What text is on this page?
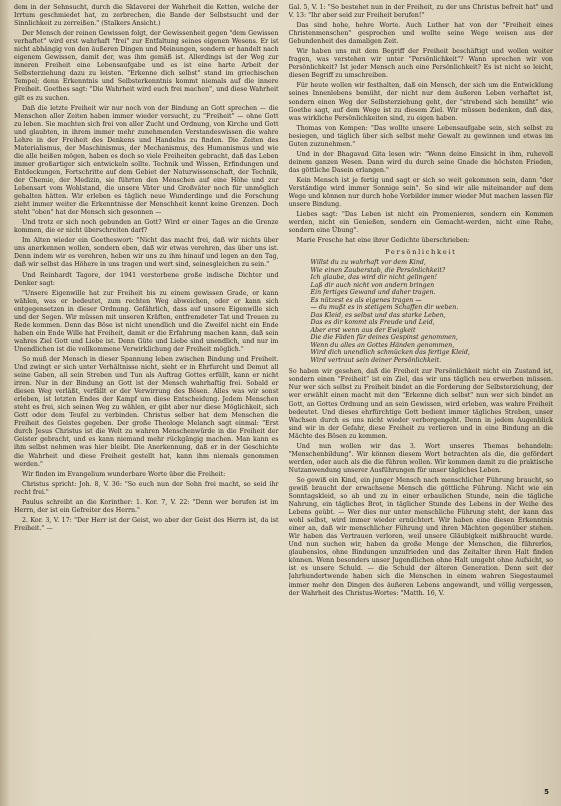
dem in der Sehnsucht, durch die Sklaverei der Wahrheit die Ketten, welche der Irrtum geschmiedet hat, zu zerbrechen, die Bande der Selbstsucht und der Sinnlichkeit zu zerreißen." (Stalkers Ansicht.)

Der Mensch der reinen Gewissen folgt, der Gewissenheit gegen "dem Gewissen verhaftet" wird erst wahrhaft "frei" zur Entfaltung seines eigenen Wesens. Er ist nicht abhängig von den äußeren Dingen und Meinungen, sondern er handelt nach eigenem Gewissen, damit der, was ihm gemäß ist. Allerdings ist der Weg zur inneren Freiheit eine Lebensaufgabe und es ist eine harte Arbeit der Selbsterziehung dazu zu leisten. "Erkenne dich selbst" stand im griechischen Tempel; denn Erkenntnis und Selbsterkenntnis kommt niemals auf die innere Freiheit. Goethes sagt: "Die Wahrheit wird euch frei machen", und diese Wahrheit gilt es zu suchen.

Daß die letzte Freiheit wir nur noch von der Bindung an Gott sprechen — die Menschen aller Zeiten haben immer wieder versucht, zu "Freiheit" — ohne Gott zu leben. Sie machten sich frei von aller Zucht und Ordnung, von Kirche und Gott und glaubten, in ihrem immer mehr zunehmenden Verstandeswissen die wahre Lehre in der Freiheit des Denkens und Handelns zu finden. Die Zeiten des Materialismus, der Maschinismus, der Mechanismus, des Humanismus und wie die alle heißen mögen, haben es doch so viele Freiheiten gebracht, daß das Leben immer großartiger sich entwickeln sollte. Technik und Wissen, Erfindungen und Entdeckungen, Fortschritte auf dem Gebiet der Naturwissenschaft, der Technik, der Chemie, der Medizin, sie führten den Menschen auf eine Höhe und zur Lebensart vom Wohlstand, die unsere Väter und Großväter noch für unmöglich gehalten hätten. Wir erleben es täglich neue Wunderdinge und die Forschung zieht immer weiter die Erkenntnisse der Menschheit kennt keine Grenzen. Doch steht "oben" hat der Mensch sich gesonnen —

Und trotz er sich noch gebunden an Gott? Wird er einer Tages an die Grenze kommen, die er nicht überschreiten darf?

Im Alten wieder ein Goetheswort: "Nicht das macht frei, daß wir nichts über uns anerkennen wollen, sondern eben, daß wir etwas verehren, das über uns ist. Denn indem wir es verehren, heben wir uns zu ihm hinauf und legen an den Tag, daß wir selbst das Höhere in uns tragen und wert sind, seinesgleichen zu sein."

Und Reinhardt Tagore, der 1941 verstorbene große indische Dichter und Denker sagt:

"Unsere Eigenwille hat zur Freiheit bis zu einem gewissen Grade, er kann wählen, was er bedeutet, zum rechten Weg abweichen, oder er kann sich entgegensetzen in dieser Ordnung. Gefährlich, dass auf unsere Eigenwille sich und der Segen. Wir müssen mit unseren Kräften, entfremdeter Tat und Treuen zu Rede kommen. Denn das Böse ist nicht unendlich und die Zweifel nicht ein Ende haben ein Ende Wille hat Freiheit, damit er die Erfahrung machen kann, daß sein wahres Ziel Gott und Liebe ist. Denn Güte und Liebe sind unendlich, und nur im Unendlichen ist die vollkommene Verwirklichung der Freiheit möglich."

So muß der Mensch in dieser Spannung leben zwischen Bindung und Freiheit. Und zwingt er sich unter Verhältnisse nicht, sieht er in Ehrfurcht und Demut all seine Gaben, all sein Streben und Tun als Auftrag Gottes erfüllt, kann er nicht irren. Nur in der Bindung an Gott ist der Mensch wahrhaftig frei. Sobald er diesen Weg verläßt, verfällt er der Verwirrung des Bösen. Alles was wir sonst erleben, ist letzten Endes der Kampf um diese Entscheidung. Jedem Menschen steht es frei, sich seinen Weg zu wählen, er gibt aber nur diese Möglichkeit, sich Gott oder dem Teufel zu verbinden. Christus selber hat dem Menschen die Freiheit des Geistes gegeben. Der große Theologe Melanch sagt einmal: "Erst durch Jesus Christus ist die Welt zu wahren Menschenwürde in die Freiheit der Geister gebracht, und es kann niemand mehr rückgängig machen. Man kann es ihm selbst nehmen was hier bleibt. Die Anerkennung, daß er in der Geschichte die Wahrheit und diese Freiheit gestellt hat, kann ihm niemals genommen werden."

Wir finden im Evangelium wunderbare Worte über die Freiheit:

Christus spricht: Joh. 8, V. 36: "So euch nun der Sohn frei macht, so seid ihr recht frei."

Paulus schreibt an die Korinther: 1. Kor. 7, V. 22: "Denn wer berufen ist im Herrn, der ist ein Gefreiter des Herrn."

2. Kor. 3, V. 17: "Der Herr ist der Geist, wo aber der Geist des Herrn ist, da ist Freiheit." —

Gal. 5, V. 1: "So bestehet nun in der Freiheit, zu der uns Christus befreit hat" und V. 13: "Ihr aber seid zur Freiheit berufen!"

Das sind hohe, hehre Worte. Auch Luther hat von der "Freiheit eines Christenmenschen" gesprochen und wollte seine Wege weisen aus der Gebundenheit des damaligen Zeit.

Wir haben uns mit dem Begriff der Freiheit beschäftigt und wollen weiter fragen, was verstehen wir unter "Persönlichkeit"? Wann sprechen wir von Persönlichkeit? Ist jeder Mensch auch eine Persönlichkeit? Es ist nicht so leicht, diesen Begriff zu umschreiben.

Für heute wollen wir festhalten, daß ein Mensch, der sich um die Entwicklung seines Innenlebens bemüht, der nicht nur dem äußeren Leben verhaftet ist, sondern einen Weg der Selbsterziehung geht, der "strebend sich bemüht" wie Goethe sagt, auf dem Wege ist zu diesem Ziel. Wir müssen bedenken, daß das, was wirkliche Persönlichkeiten sind, zu eigen haben.

Thomas von Kempen: "Das wollte unsere Lebensaufgabe sein, sich selbst zu besiegen, und täglich über sich selbst mehr Gewalt zu gewinnen und etwas im Guten zuzunehmen."

Und in der Bhagavad Gita lesen wir: "Wenn deine Einsicht in ihm, ruhevoll deinem ganzen Wesen. Dann wird du durch seine Gnade die höchsten Frieden, das göttliche Dasein erlangen."

Kein Mensch ist je fertig und sagt er sich so weit gekommen sein, dann "der Verständige wird immer Sonnige sein". So sind wir alle miteinander auf dem Wege und können nur durch hohe Vorbilder immer wieder Mut machen lassen für unsere Bindung.

Liebes sagt: "Das Leben ist nicht ein Promenieren, sondern ein Kommen werden, nicht ein Genießen, sondern ein Gemacht-werden, nicht eine Ruhe, sondern eine Übung".

Marie Fresche hat eine ihrer Gedichte überschrieben:

Persönlichkeit
Willst du zu wahrhaft vor dem Kind,
Wie einen Zauberstab, die Persönlichkeit?
Ich glaube, das wird dir nicht gelingen!
Laß dir auch nicht von andern bringen
Ein fertiges Gewand und daher tragen.
Es nützest es als eigenes tragen —
— du mußt es in stetigem Schaffen dir weben.
Das Kleid, es selbst und das starke Leben,
Das es dir kommt als Freude und Leid,
Aber erst wenn aus der Ewigkeit
Die die Fäden für deines Gespinst genommen,
Wenn du alles an Gottes Händen genommen,
Wird dich unendlich schmücken das fertige Kleid,
Wird vertraut sein deiner Persönlichkeit.

So haben wir gesehen, daß die Freiheit zur Persönlichkeit nicht ein Zustand ist, sondern einen "Freiheit" ist ein Ziel, das wir uns täglich neu erwerben müssen. Nur wer sich selbst zu Freiheit bindet an die Forderung der Selbsterziehung, der wer erwählt einen macht mit den "Erkenne dich selbst" nun wer sich bindet an Gott, an Gottes Ordnung und an sein Gewissen, wird erleben, was wahre Freiheit bedeutet. Und dieses ehrfürchtige Gott bedient immer tägliches Streben, unser Wachsen durch es uns nicht wieder verborgengeht. Denn in jedem Augenblick sind wir in der Gefahr, diese Freiheit zu verlieren und in eine Bindung an die Mächte des Bösen zu kommen.

Und nun wollen wir das 3. Wort unseres Themas behandeln: "Menschenbildung". Wir können diesem Wort betrachten als die, die gefördert werden, oder auch als die die führen wollen. Wir kommen damit zu die praktische Nutzanwendung unserer Ausführungen für unser tägliches Leben.

So gewiß ein Kind, ein junger Mensch nach menschlicher Führung braucht, so gewiß braucht der erwachsene Mensch die göttliche Führung. Nicht wie ein Sonntagskleid, so ab und zu in einer erbaulichen Stunde, nein die tägliche Nahrung, ein tägliches Brot, in täglicher Stunde des Lebens in der Weihe des Lebens geübt. — Wer dies nur unter menschliche Führung steht, der kann das wohl selbst, wird immer wieder ernüchtert. Wir haben eine diesen Erkenntnis einer an, daß wir menschlicher Führung und ihren Mächten gegenüber stehen. Wir haben das Vertrauen verloren, weil unsere Gläubigkeit mißbraucht wurde. Und nun suchen wir, haben da große Menge der Menschen, die führerlos, glaubenslos, ohne Bindungen unzufrieden und das Zeitalter ihren Halt finden können. Wenn besonders unser Jugendlichen ohne Halt umgeht ohne Aufsicht, so ist es unsere Schuld. — die Schuld der älteren Generation. Denn seit der Jahrhundertwende haben sich die Menschen in einem wahren Siegestaumel immer mehr den Dingen des äußeren Lebens angewandt, und völlig vergessen, der Wahrheit des Christus-Wortes: "Matth. 16, V.

5
